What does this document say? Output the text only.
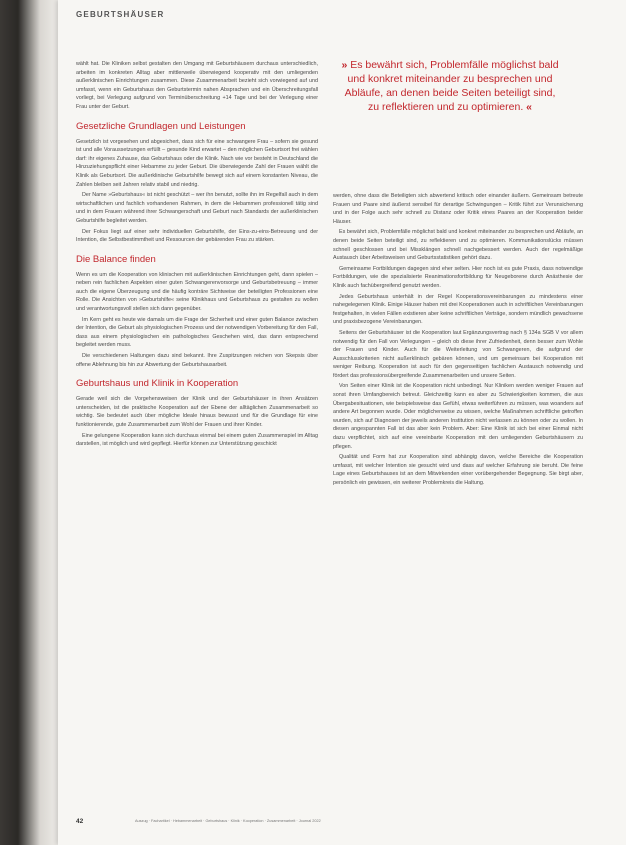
GEBURTSHÄUSER
» Es bewährt sich, Problemfälle möglichst bald und konkret miteinander zu besprechen und Abläufe, an denen beide Seiten beteiligt sind, zu reflektieren und zu optimieren. «

wählt hat. Die Kliniken selbst gestalten den Umgang mit Geburtshäusern durchaus unterschiedlich, arbeiten im konkreten Alltag aber mittlerweile überwiegend kooperativ mit den umliegenden außerklinischen Einrichtungen zusammen. Diese Zusammenarbeit bezieht sich vorwiegend auf und umfasst, wenn ein Geburtshaus den Geburtstermin nahen Absprachen und ein Überschreitungsfall vorliegt, bei Verlegung aufgrund von Terminüberschreitung +14 Tage und bei der Verlegung einer Frau unter der Geburt.

Gesetzliche Grundlagen und Leistungen

Gesetzlich ist vorgesehen und abgesichert, dass sich für eine schwangere Frau – sofern sie gesund ist und alle Voraussetzungen erfüllt – gesunde Kind erwartet – den möglichen Geburtsort frei wählen darf: ihr eigenes Zuhause, das Geburtshaus oder die Klinik. Nach wie vor besteht in Deutschland die Hinzuziehungspflicht einer Hebamme zu jeder Geburt. Die überwiegende Zahl der Frauen wählt die Klinik als Geburtsort. Die außerklinische Geburtshilfe bewegt sich auf einem konstanten Niveau, die Zahlen bleiben seit Jahren relativ stabil und niedrig.

Der Name »Geburtshaus« ist nicht geschützt – wer ihn benutzt, sollte ihn im Regelfall auch in dem wirtschaftlichen und fachlich vorhandenen Rahmen, in dem die Hebammen professionell tätig sind und in dem Frauen während ihrer Schwangerschaft und Geburt nach Standards der außerklinischen Geburtshilfe begleitet werden.

Der Fokus liegt auf einer sehr individuellen Geburtshilfe, der Eins-zu-eins-Betreuung und der Intention, die Selbstbestimmtheit und Ressourcen der gebärenden Frau zu stärken.

Die Balance finden

Wenn es um die Kooperation von klinischen mit außerklinischen Einrichtungen geht, dann spielen – neben rein fachlichen Aspekten einer guten Schwangerenvorsorge und Geburtsbetreuung – immer auch die eigene Überzeugung und die häufig konträre Sichtweise der beteiligten Professionen eine Rolle. Die Ansichten von »Geburtshilfe« seine Klinikhaus und Geburtshaus zu gestalten zu wollen und verantwortungsvoll stellen sich dann gegenüber.

Im Kern geht es heute wie damals um die Frage der Sicherheit und einer guten Balance zwischen der Intention, die Geburt als physiologischen Prozess und der notwendigen Vorbereitung für den Fall, dass aus einem physiologischen ein pathologisches Geschehen wird, das dann entsprechend begleitet werden muss.

Die verschiedenen Haltungen dazu sind bekannt. Ihre Zuspitzungen reichen von Skepsis über offene Ablehnung bis hin zur Abwertung der Geburtshausarbeit.

Geburtshaus und Klinik in Kooperation

Gerade weil sich die Vorgehensweisen der Klinik und der Geburtshäuser in ihren Ansätzen unterscheiden, ist die praktische Kooperation auf der Ebene der alltäglichen Zusammenarbeit so wichtig. Sie bedeutet auch über mögliche Ideale hinaus bewusst und für die Grundlage für eine funktionierende, gute Zusammenarbeit zum Wohl der Frauen und ihrer Kinder.

Eine gelungene Kooperation kann sich durchaus einmal bei einem guten Zusammenspiel im Alltag darstellen, ist möglich und wird gepflegt. Hierfür können zur Unterstützung geschickt

werden, ohne dass die Beteiligten sich abwertend kritisch oder einander äußern. Gemeinsam betreute Frauen und Paare sind äußerst sensibel für derartige Schwingungen – Kritik führt zur Verunsicherung und in der Folge auch sehr schnell zu Distanz oder Kritik eines Paares an der Kooperation beider Häuser.

Es bewährt sich, Problemfälle möglichst bald und konkret miteinander zu besprechen und Abläufe, an denen beide Seiten beteiligt sind, zu reflektieren und zu optimieren. Kommunikationslücks müssen schnell geschlossen und bei Missklängen schnell nachgebessert werden. Auch der regelmäßige Austausch über Arbeitsweisen und Geburtsstatistiken gehört dazu.

Gemeinsame Fortbildungen dagegen sind eher selten. Hier noch ist es gute Praxis, dass notwendige Fortbildungen, wie die spezialisierte Reanimationsfortbildung für Neugeborene durch Anästhesie der Klinik auch fachübergreifend genutzt werden.

Jedes Geburtshaus unterhält in der Regel Kooperationsvereinbarungen zu mindestens einer nahegelegenen Klinik. Einige Häuser haben mit drei Kooperationen auch in schriftlichen Vereinbarungen festgehalten, in vielen Fällen existieren aber keine schriftlichen Verträge, sondern mündlich gewachsene und praxisbezogene Vereinbarungen.

Seitens der Geburtshäuser ist die Kooperation laut Ergänzungsvertrag nach § 134a SGB V vor allem notwendig für den Fall von Verlegungen – gleich ob diese ihrer Zufriedenheit, denn besser zum Wohle der Frauen und Kinder. Auch für die Weiterleitung von Schwangeren, die aufgrund der Ausschlusskriterien nicht außerklinisch gebären können, und um gemeinsam bei Kooperation mit weniger Reibung. Kooperation ist auch für den gegenseitigen fachlichen Austausch notwendig und fördert das professionsübergreifende Zusammenarbeiten und unsere Seiten.

Von Seiten einer Klinik ist die Kooperation nicht unbedingt. Nur Kliniken werden weniger Frauen auf sonst ihren Umfangbereich betreut. Gleichzeitig kann es aber zu Schwierigkeiten kommen, die aus Übergabesituationen, wie beispielsweise das Gefühl, etwas weiterführen zu müssen, was woanders auf andere Art begonnen wurde. Oder möglicherweise zu wissen, welche Maßnahmen schriftliche getroffen wurden, sich auf Diagnosen der jeweils anderen Institution nicht verlassen zu können oder zu wollen. In diesen angespannten Fall ist das aber kein Problem. Aber: Eine Klinik ist sich bei einer Einmal nicht dazu verpflichtet, sich auf eine vereinbarte Kooperation mit den umliegenden Geburtshäusern zu pflegen.

Qualität und Form hat zur Kooperation sind abhängig davon, welche Bereiche die Kooperation umfasst, mit welcher Intention sie gesucht wird und dass auf welcher Erfahrung sie beruht. Die feine Lage eines Geburtshauses ist an dem Mitwirkenden einer vorübergehender Begegnung. Sie birgt aber, persönlich ein gewissen, ein weiterer Problemkreis die Haltung.

42	Auszug · Fachartikel · Hebammenarbeit · Geburtshaus · Klinik · Kooperation · Zusammenarbeit · Journal 2022
